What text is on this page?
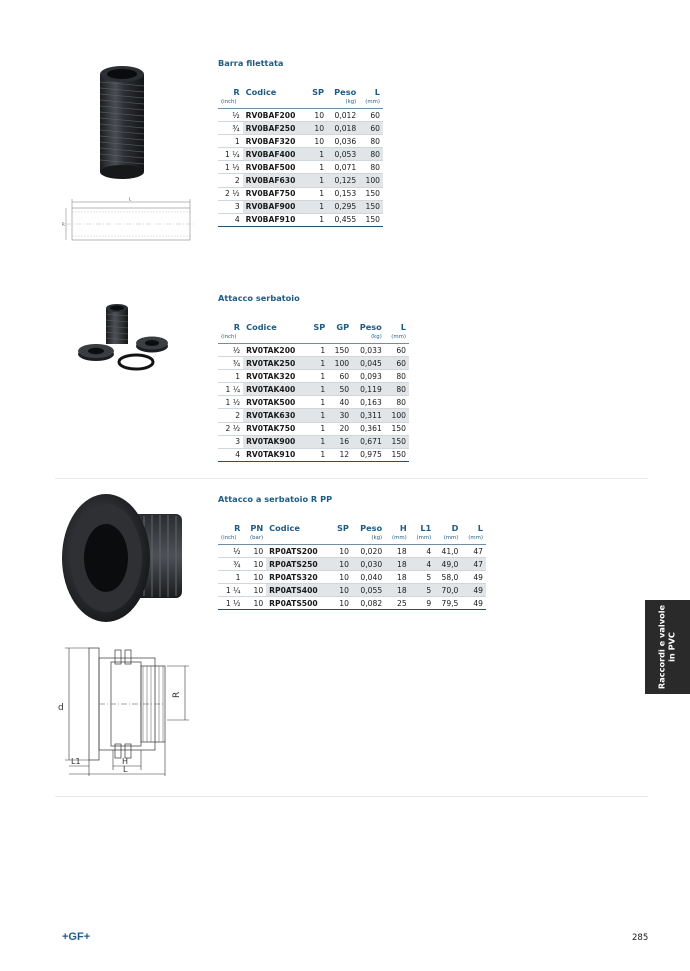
Barra filettata
R	Codice	SP	Peso	L
(inch)			(kg)	(mm)
½	RV0BAF200	10	0,012	60
¾	RV0BAF250	10	0,018	60
1	RV0BAF320	10	0,036	80
1 ¼	RV0BAF400	1	0,053	80
1 ½	RV0BAF500	1	0,071	80
2	RV0BAF630	1	0,125	100
2 ½	RV0BAF750	1	0,153	150
3	RV0BAF900	1	0,295	150
4	RV0BAF910	1	0,455	150
L
R
Attacco serbatoio
R	Codice	SP	GP	Peso	L
(inch)				(kg)	(mm)
½	RV0TAK200	1	150	0,033	60
¾	RV0TAK250	1	100	0,045	60
1	RV0TAK320	1	60	0,093	80
1 ¼	RV0TAK400	1	50	0,119	80
1 ½	RV0TAK500	1	40	0,163	80
2	RV0TAK630	1	30	0,311	100
2 ½	RV0TAK750	1	20	0,361	150
3	RV0TAK900	1	16	0,671	150
4	RV0TAK910	1	12	0,975	150
Attacco a serbatoio R PP
R	PN	Codice	SP	Peso	H	L1	D	L
(inch)	(bar)			(kg)	(mm)	(mm)	(mm)	(mm)
½	10	RP0ATS200	10	0,020	18	4	41,0	47
¾	10	RP0ATS250	10	0,030	18	4	49,0	47
1	10	RP0ATS320	10	0,040	18	5	58,0	49
1 ¼	10	RP0ATS400	10	0,055	18	5	70,0	49
1 ½	10	RP0ATS500	10	0,082	25	9	79,5	49
d
R
L1	H
L
Raccordi e valvole in PVC
+GF+	285
